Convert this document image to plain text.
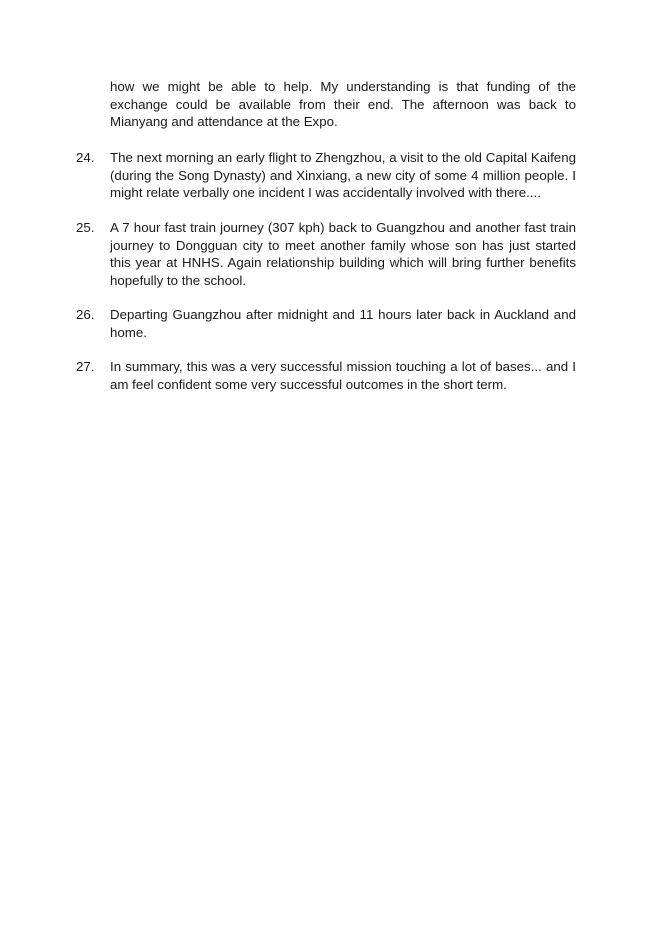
how we might be able to help. My understanding is that funding of the exchange could be available from their end. The afternoon was back to Mianyang and attendance at the Expo.
24.	The next morning an early flight to Zhengzhou, a visit to the old Capital Kaifeng (during the Song Dynasty) and Xinxiang, a new city of some 4 million people. I might relate verbally one incident I was accidentally involved with there....
25.	A 7 hour fast train journey (307 kph) back to Guangzhou and another fast train journey to Dongguan city to meet another family whose son has just started this year at HNHS. Again relationship building which will bring further benefits hopefully to the school.
26.	Departing Guangzhou after midnight and 11 hours later back in Auckland and home.
27.	In summary, this was a very successful mission touching a lot of bases... and I am feel confident some very successful outcomes in the short term.
